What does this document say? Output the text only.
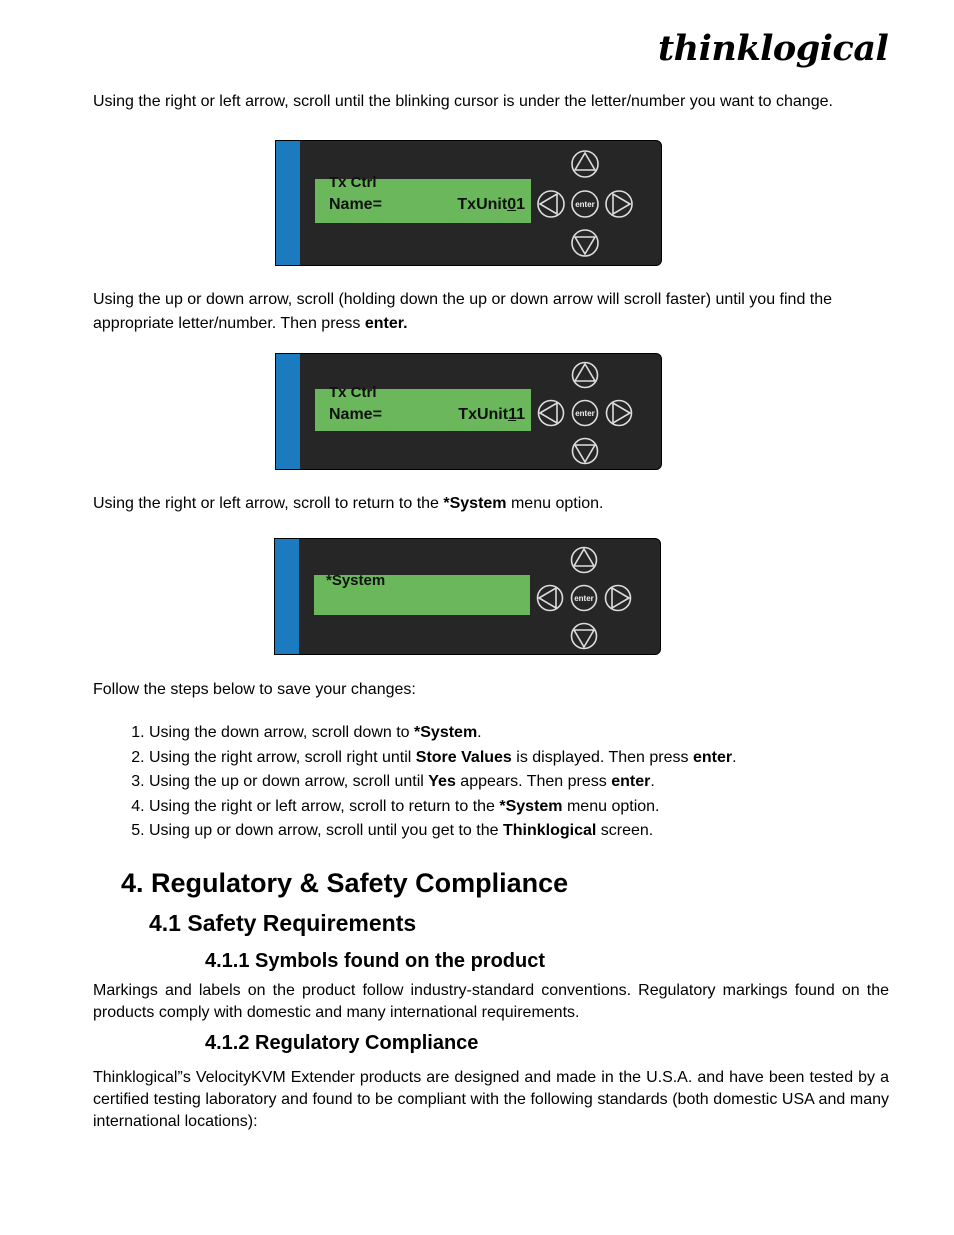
thinklogical
Using the right or left arrow, scroll until the blinking cursor is under the letter/number you want to change.
Tx Ctrl
Name=	TxUnit01	enter
Using the up or down arrow, scroll (holding down the up or down arrow will scroll faster) until you find the appropriate letter/number. Then press enter.
Tx Ctrl
Name=	TxUnit11	enter
Using the right or left arrow, scroll to return to the *System menu option.
*System
enter
Follow the steps below to save your changes:
1. Using the down arrow, scroll down to *System.
2. Using the right arrow, scroll right until Store Values is displayed. Then press enter.
3. Using the up or down arrow, scroll until Yes appears. Then press enter.
4. Using the right or left arrow, scroll to return to the *System menu option.
5. Using up or down arrow, scroll until you get to the Thinklogical screen.
4. Regulatory & Safety Compliance
4.1 Safety Requirements
4.1.1 Symbols found on the product
Markings and labels on the product follow industry-standard conventions. Regulatory markings found on the products comply with domestic and many international requirements.
4.1.2 Regulatory Compliance
Thinklogical”s VelocityKVM Extender products are designed and made in the U.S.A. and have been tested by a certified testing laboratory and found to be compliant with the following standards (both domestic USA and many international locations):
